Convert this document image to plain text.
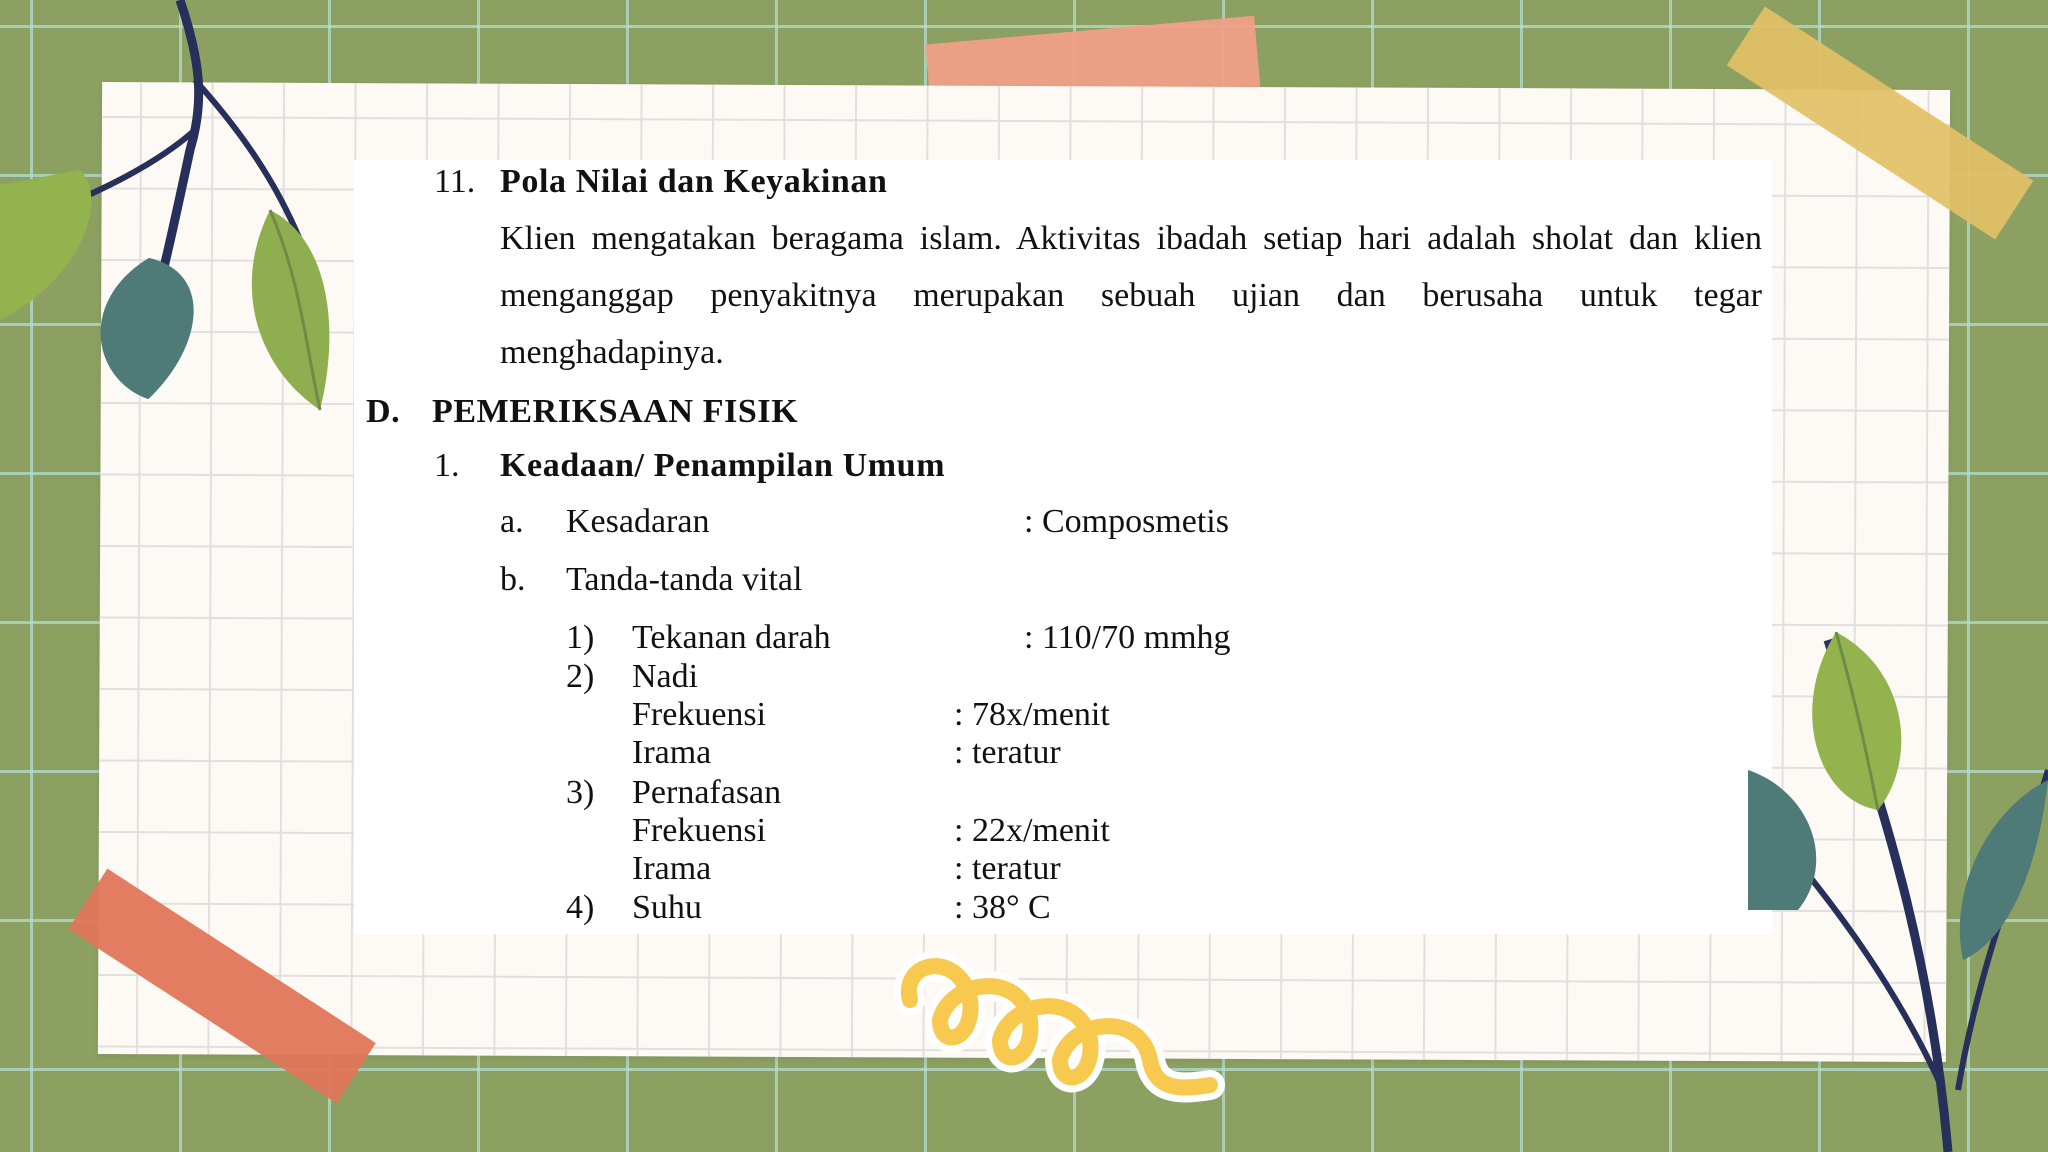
11. Pola Nilai dan Keyakinan
Klien mengatakan beragama islam. Aktivitas ibadah setiap hari adalah sholat dan klien menganggap penyakitnya merupakan sebuah ujian dan berusaha untuk tegar menghadapinya.
D. PEMERIKSAAN FISIK
1. Keadaan/ Penampilan Umum
a. Kesadaran	: Composmetis
b. Tanda-tanda vital
1) Tekanan darah	: 110/70 mmhg
2) Nadi
Frekuensi	: 78x/menit
Irama	: teratur
3) Pernafasan
Frekuensi	: 22x/menit
Irama	: teratur
4) Suhu	: 38° C
